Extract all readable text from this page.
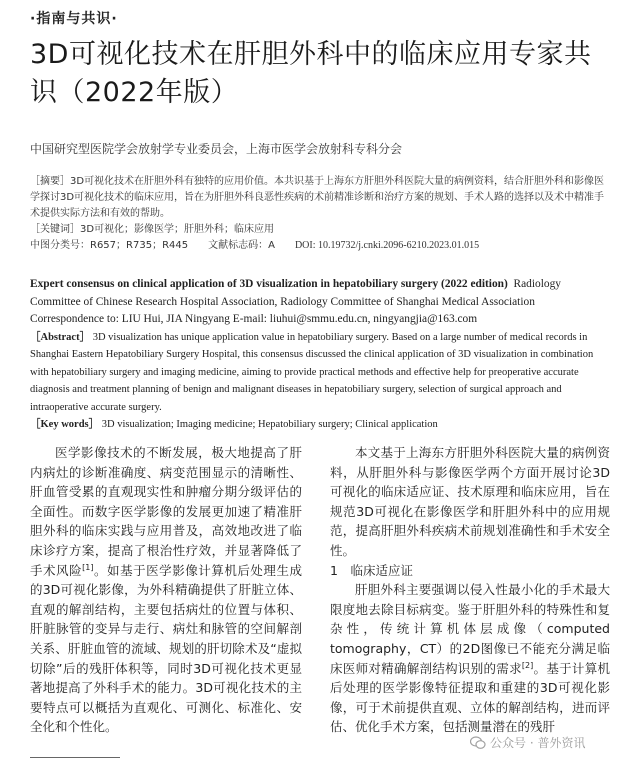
·指南与共识·
3D可视化技术在肝胆外科中的临床应用专家共识（2022年版）
中国研究型医院学会放射学专业委员会，上海市医学会放射科专科分会

［摘要］3D可视化技术在肝胆外科有独特的应用价值。本共识基于上海东方肝胆外科医院大量的病例资料，结合肝胆外科和影像医学探讨3D可视化技术的临床应用，旨在为肝胆外科良恶性疾病的术前精准诊断和治疗方案的规划、手术人路的选择以及术中精准手术提供实际方法和有效的帮助。

［关键词］3D可视化；影像医学；肝胆外科；临床应用

中图分类号：R657；R735；R445　　 文献标志码：A　　 DOI: 10.19732/j.cnki.2096-6210.2023.01.015

Expert consensus on clinical application of 3D visualization in hepatobiliary surgery (2022 edition) Radiology Committee of Chinese Research Hospital Association, Radiology Committee of Shanghai Medical Association

Correspondence to: LIU Hui, JIA Ningyang E-mail: liuhui@smmu.edu.cn, ningyangjia@163.com

［Abstract］ 3D visualization has unique application value in hepatobiliary surgery. Based on a large number of medical records in Shanghai Eastern Hepatobiliary Surgery Hospital, this consensus discussed the clinical application of 3D visualization in combination with hepatobiliary surgery and imaging medicine, aiming to provide practical methods and effective help for preoperative accurate diagnosis and treatment planning of benign and malignant diseases in hepatobiliary surgery, selection of surgical approach and intraoperative accurate surgery.

［Key words］ 3D visualization; Imaging medicine; Hepatobiliary surgery; Clinical application

医学影像技术的不断发展，极大地提高了肝内病灶的诊断准确度、病变范围显示的清晰性、肝血管受累的直观现实性和肿瘤分期分级评估的全面性。而数字医学影像的发展更加速了精准肝胆外科的临床实践与应用普及，高效地改进了临床诊疗方案，提高了根治性疗效，并显著降低了手术风险[1]。如基于医学影像计算机后处理生成的3D可视化影像，为外科精确提供了肝脏立体、直观的解剖结构，主要包括病灶的位置与体积、肝脏脉管的变异与走行、病灶和脉管的空间解剖关系、肝脏血管的流域、规划的肝切除术及“虚拟切除”后的残肝体积等，同时3D可视化技术更显著地提高了外科手术的能力。3D可视化技术的主要特点可以概括为直观化、可测化、标准化、安全化和个性化。

本文基于上海东方肝胆外科医院大量的病例资料，从肝胆外科与影像医学两个方面开展讨论3D可视化的临床适应证、技术原理和临床应用，旨在规范3D可视化在影像医学和肝胆外科中的应用规范，提高肝胆外科疾病术前规划准确性和手术安全性。

1　临床适应证

肝胆外科主要强调以侵入性最小化的手术最大限度地去除目标病变。鉴于肝胆外科的特殊性和复杂性，传统计算机体层成像（computed tomography，CT）的2D图像已不能充分满足临床医师对精确解剖结构识别的需求[2]。基于计算机后处理的医学影像特征提取和重建的3D可视化影像，可于术前提供直观、立体的解剖结构，进而评估、优化手术方案，包括测量潜在的残肝

公众号 · 普外资讯
